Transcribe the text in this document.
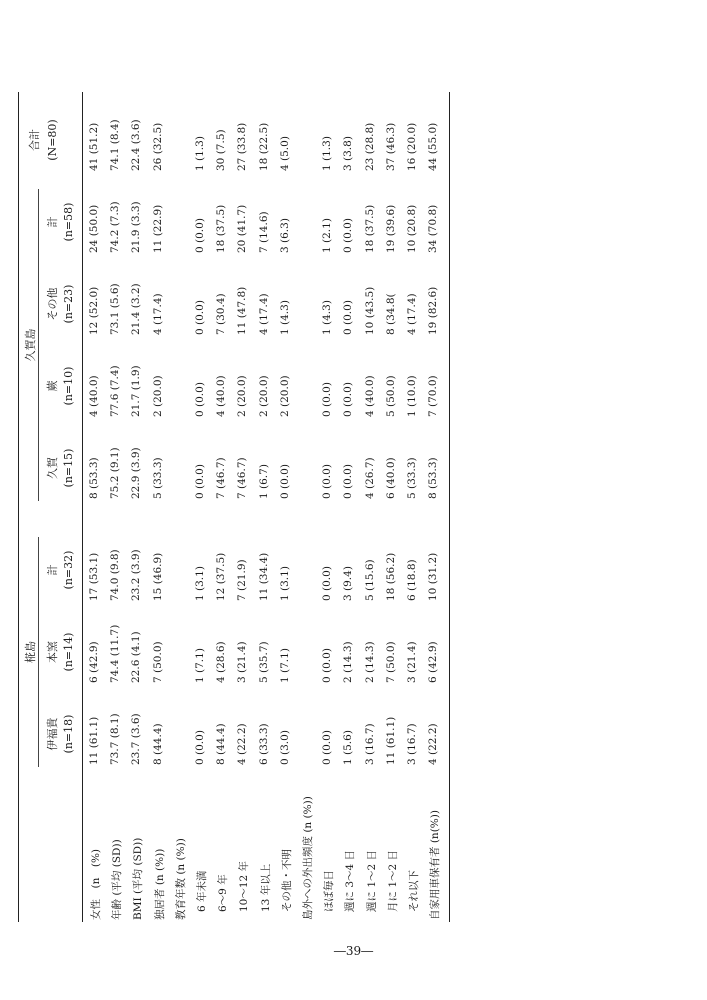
椛島
久賀島
伊福貴 (n=18)
本窯 (n=14)
計 (n=32)
久賀 (n=15)
蕨 (n=10)
その他 (n=23)
計 (n=58)
合計 (N=80)
女性　(n　(%)
11 (61.1)
6 (42.9)
17 (53.1)
8 (53.3)
4 (40.0)
12 (52.0)
24 (50.0)
41 (51.2)
年齢 (平均 (SD))
73.7 (8.1)
74.4 (11.7)
74.0 (9.8)
75.2 (9.1)
77.6 (7.4)
73.1 (5.6)
74.2 (7.3)
74.1 (8.4)
BMI (平均 (SD))
23.7 (3.6)
22.6 (4.1)
23.2 (3.9)
22.9 (3.9)
21.7 (1.9)
21.4 (3.2)
21.9 (3.3)
22.4 (3.6)
独居者 (n (%))
8 (44.4)
7 (50.0)
15 (46.9)
5 (33.3)
2 (20.0)
4 (17.4)
11 (22.9)
26 (32.5)
教育年数 (n (%)) 6 年未満
0 (0.0)
1 (7.1)
1 (3.1)
0 (0.0)
0 (0.0)
0 (0.0)
0 (0.0)
1 (1.3)
6～9 年
8 (44.4)
4 (28.6)
12 (37.5)
7 (46.7)
4 (40.0)
7 (30.4)
18 (37.5)
30 (7.5)
10～12 年
4 (22.2)
3 (21.4)
7 (21.9)
7 (46.7)
2 (20.0)
11 (47.8)
20 (41.7)
27 (33.8)
13 年以上
6 (33.3)
5 (35.7)
11 (34.4)
1 (6.7)
2 (20.0)
4 (17.4)
7 (14.6)
18 (22.5)
その他・不明
0 (3.0)
1 (7.1)
1 (3.1)
0 (0.0)
2 (20.0)
1 (4.3)
3 (6.3)
4 (5.0)
島外への外出頻度 (n (%)) ほぼ毎日
0 (0.0)
0 (0.0)
0 (0.0)
0 (0.0)
0 (0.0)
1 (4.3)
1 (2.1)
1 (1.3)
週に 3～4 日
1 (5.6)
2 (14.3)
3 (9.4)
0 (0.0)
0 (0.0)
0 (0.0)
0 (0.0)
3 (3.8)
週に 1～2 日
3 (16.7)
2 (14.3)
5 (15.6)
4 (26.7)
4 (40.0)
10 (43.5)
18 (37.5)
23 (28.8)
月に 1～2 日
11 (61.1)
7 (50.0)
18 (56.2)
6 (40.0)
5 (50.0)
8 (34.8(
19 (39.6)
37 (46.3)
それ以下
3 (16.7)
3 (21.4)
6 (18.8)
5 (33.3)
1 (10.0)
4 (17.4)
10 (20.8)
16 (20.0)
自家用車保有者 (n(%))
4 (22.2)
6 (42.9)
10 (31.2)
8 (53.3)
7 (70.0)
19 (82.6)
34 (70.8)
44 (55.0)
―39―
